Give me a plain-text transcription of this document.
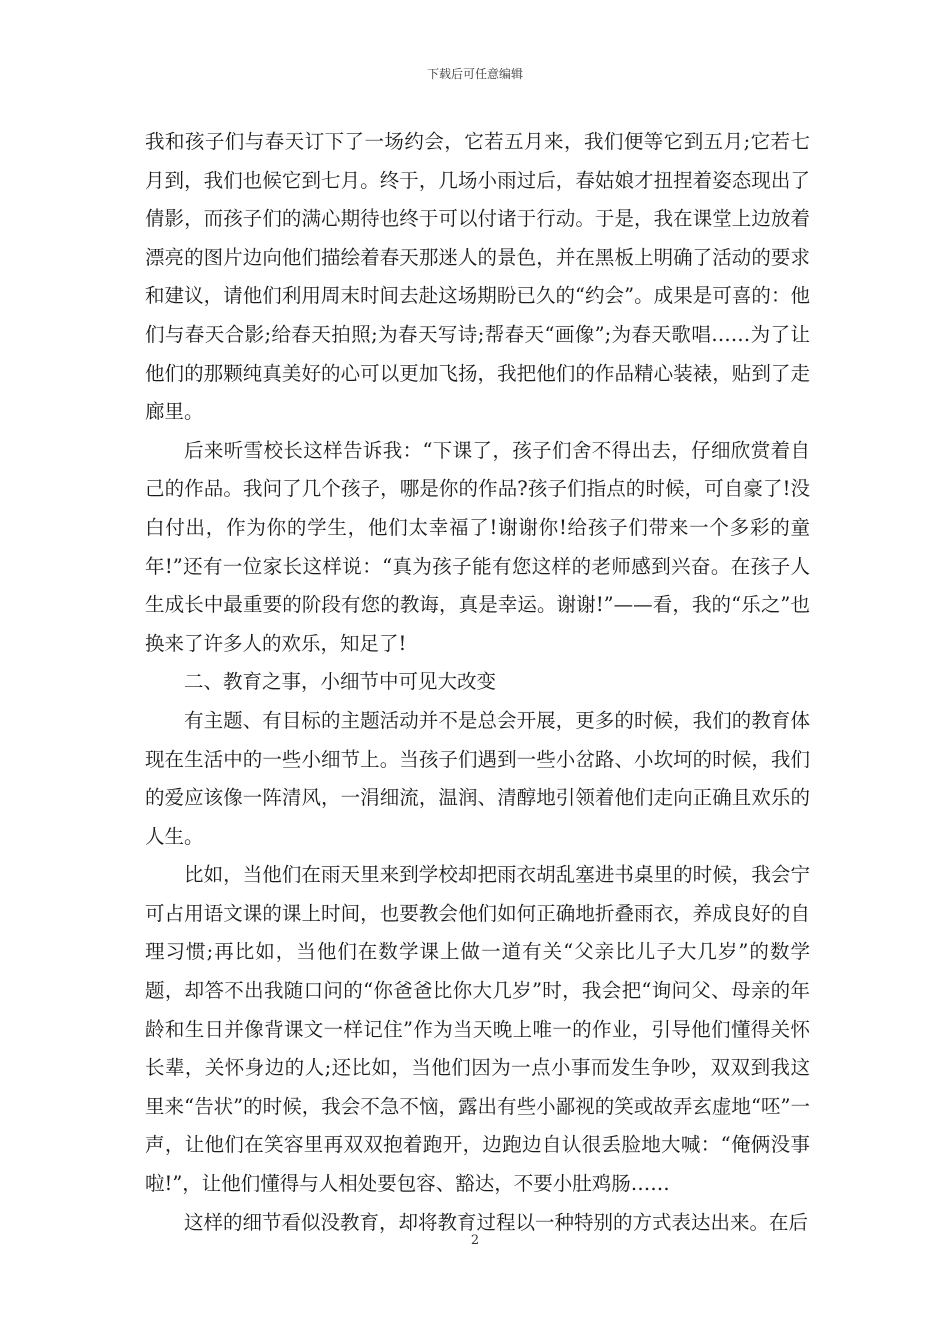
下载后可任意编辑

我和孩子们与春天订下了一场约会，它若五月来，我们便等它到五月;它若七月到，我们也候它到七月。终于，几场小雨过后，春姑娘才扭捏着姿态现出了倩影，而孩子们的满心期待也终于可以付诸于行动。于是，我在课堂上边放着漂亮的图片边向他们描绘着春天那迷人的景色，并在黑板上明确了活动的要求和建议，请他们利用周末时间去赴这场期盼已久的“约会”。成果是可喜的：他们与春天合影;给春天拍照;为春天写诗;帮春天“画像”;为春天歌唱……为了让他们的那颗纯真美好的心可以更加飞扬，我把他们的作品精心装裱，贴到了走廊里。

后来听雪校长这样告诉我：“下课了，孩子们舍不得出去，仔细欣赏着自己的作品。我问了几个孩子，哪是你的作品?孩子们指点的时候，可自豪了!没白付出，作为你的学生，他们太幸福了!谢谢你!给孩子们带来一个多彩的童年!”还有一位家长这样说：“真为孩子能有您这样的老师感到兴奋。在孩子人生成长中最重要的阶段有您的教诲，真是幸运。谢谢!”——看，我的“乐之”也换来了许多人的欢乐，知足了!

二、教育之事，小细节中可见大改变

有主题、有目标的主题活动并不是总会开展，更多的时候，我们的教育体现在生活中的一些小细节上。当孩子们遇到一些小岔路、小坎坷的时候，我们的爱应该像一阵清风，一涓细流，温润、清醇地引领着他们走向正确且欢乐的人生。

比如，当他们在雨天里来到学校却把雨衣胡乱塞进书桌里的时候，我会宁可占用语文课的课上时间，也要教会他们如何正确地折叠雨衣，养成良好的自理习惯;再比如，当他们在数学课上做一道有关“父亲比儿子大几岁”的数学题，却答不出我随口问的“你爸爸比你大几岁”时，我会把“询问父、母亲的年龄和生日并像背课文一样记住”作为当天晚上唯一的作业，引导他们懂得关怀长辈，关怀身边的人;还比如，当他们因为一点小事而发生争吵，双双到我这里来“告状”的时候，我会不急不恼，露出有些小鄙视的笑或故弄玄虚地“呸”一声，让他们在笑容里再双双抱着跑开，边跑边自认很丢脸地大喊：“俺俩没事啦!”，让他们懂得与人相处要包容、豁达，不要小肚鸡肠……

这样的细节看似没教育，却将教育过程以一种特别的方式表达出来。在后

2
